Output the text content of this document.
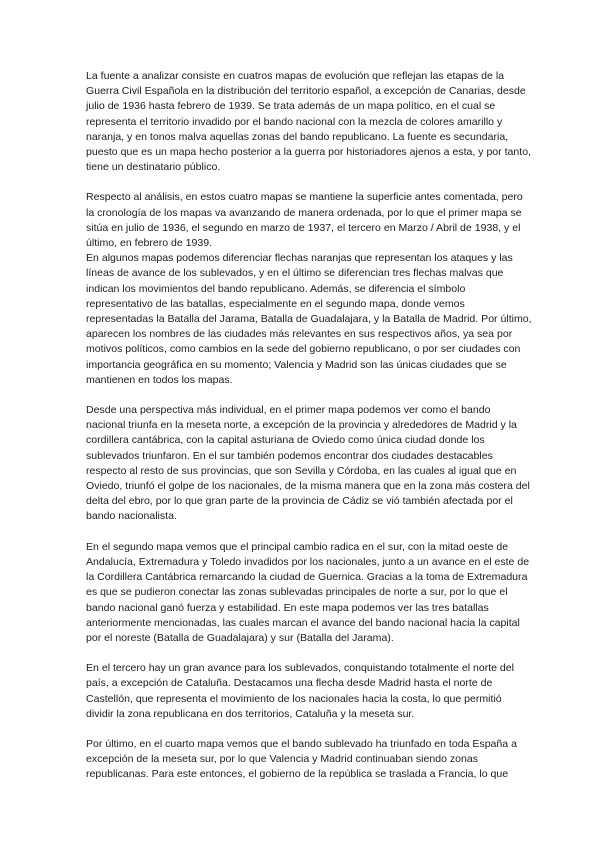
La fuente a analizar consiste en cuatros mapas de evolución que reflejan las etapas de la Guerra Civil Española en la distribución del territorio español, a excepción de Canarias, desde julio de 1936 hasta febrero de 1939. Se trata además de un mapa político, en el cual se representa el territorio invadido por el bando nacional con la mezcla de colores amarillo y naranja, y en tonos malva aquellas zonas del bando republicano. La fuente es secundaria, puesto que es un mapa hecho posterior a la guerra por historiadores ajenos a esta, y por tanto, tiene un destinatario público.

Respecto al análisis, en estos cuatro mapas se mantiene la superficie antes comentada, pero la cronología de los mapas va avanzando de manera ordenada, por lo que el primer mapa se sitúa en julio de 1936, el segundo en marzo de 1937, el tercero en Marzo / Abril de 1938, y el último, en febrero de 1939.

En algunos mapas podemos diferenciar flechas naranjas que representan los ataques y las líneas de avance de los sublevados, y en el último se diferencian tres flechas malvas que indican los movimientos del bando republicano. Además, se diferencia el símbolo representativo de las batallas, especialmente en el segundo mapa, donde vemos representadas la Batalla del Jarama, Batalla de Guadalajara, y la Batalla de Madrid. Por último, aparecen los nombres de las ciudades más relevantes en sus respectivos años, ya sea por motivos políticos, como cambios en la sede del gobierno republicano, o por ser ciudades con importancia geográfica en su momento; Valencia y Madrid son las únicas ciudades que se mantienen en todos los mapas.

Desde una perspectiva más individual, en el primer mapa podemos ver como el bando nacional triunfa en la meseta norte, a excepción de la provincia y alrededores de Madrid y la cordillera cantábrica, con la capital asturiana de Oviedo como única ciudad donde los sublevados triunfaron. En el sur también podemos encontrar dos ciudades destacables respecto al resto de sus provincias, que son Sevilla y Córdoba, en las cuales al igual que en Oviedo, triunfó el golpe de los nacionales, de la misma manera que en la zona más costera del delta del ebro, por lo que gran parte de la provincia de Cádiz se vió también afectada por el bando nacionalista.

En el segundo mapa vemos que el principal cambio radica en el sur, con la mitad oeste de Andalucía, Extremadura y Toledo invadidos por los nacionales, junto a un avance en el este de la Cordillera Cantábrica remarcando la ciudad de Guernica. Gracias a la toma de Extremadura es que se pudieron conectar las zonas sublevadas principales de norte a sur, por lo que el bando nacional ganó fuerza y estabilidad. En este mapa podemos ver las tres batallas anteriormente mencionadas, las cuales marcan el avance del bando nacional hacia la capital por el noreste (Batalla de Guadalajara) y sur (Batalla del Jarama).

En el tercero hay un gran avance para los sublevados, conquistando totalmente el norte del país, a excepción de Cataluña. Destacamos una flecha desde Madrid hasta el norte de Castellón, que representa el movimiento de los nacionales hacia la costa, lo que permitió dividir la zona republicana en dos territorios, Cataluña y la meseta sur.

Por último, en el cuarto mapa vemos que el bando sublevado ha triunfado en toda España a excepción de la meseta sur, por lo que Valencia y Madrid continuaban siendo zonas republicanas. Para este entonces, el gobierno de la república se traslada a Francia, lo que
